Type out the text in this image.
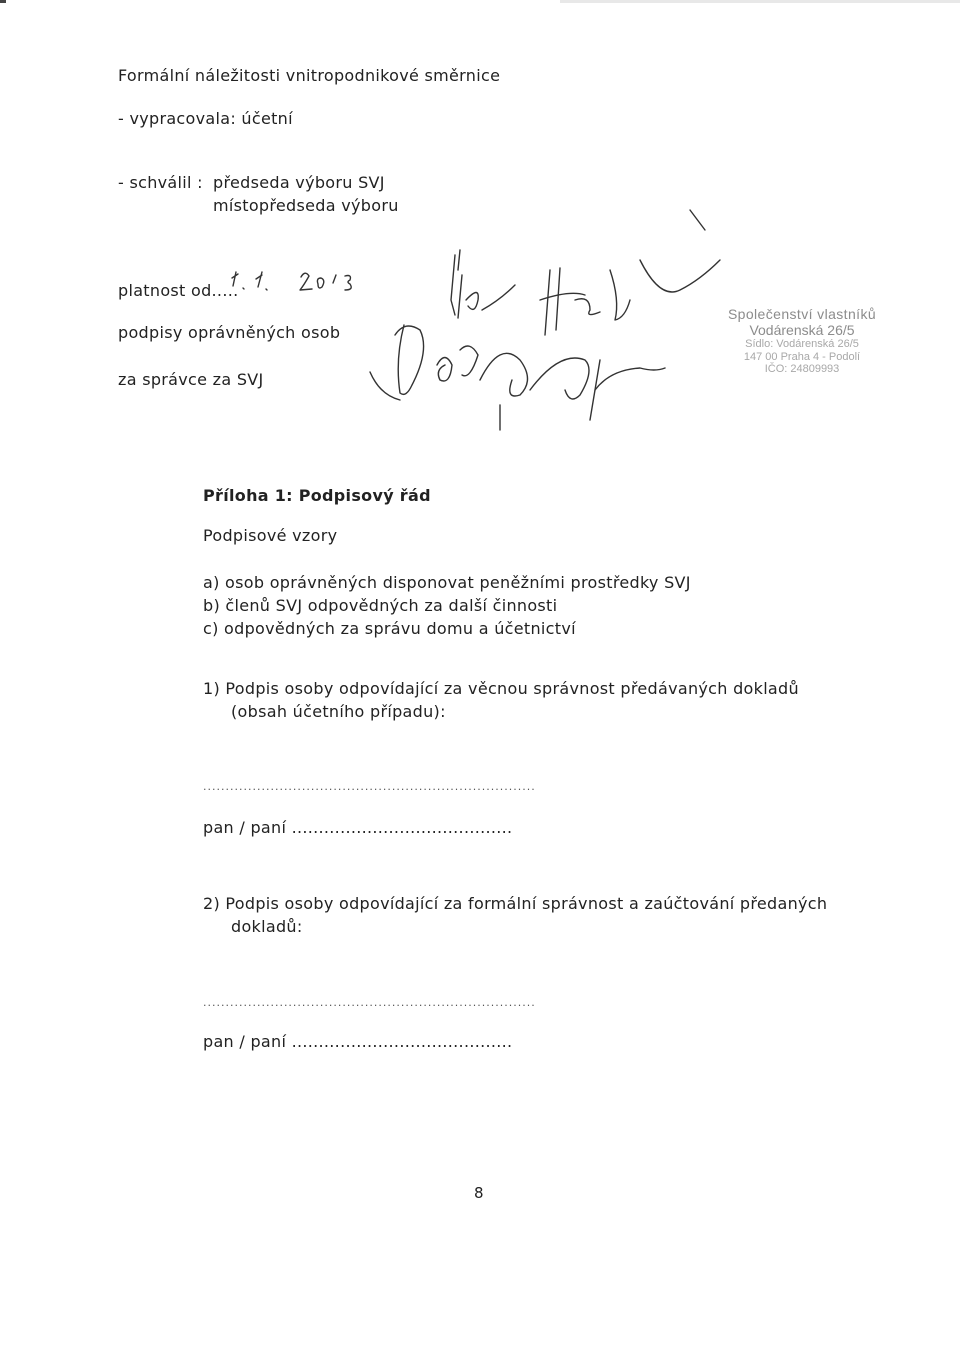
Formální náležitosti vnitropodnikové směrnice
- vypracovala: účetní
- schválil : předseda výboru SVJ
místopředseda výboru
platnost od.....
podpisy oprávněných osob
za správce za SVJ
Společenství vlastníků
Vodárenská 26/5
Sídlo: Vodárenská 26/5
147 00 Praha 4 - Podolí
IČO: 24809993
Příloha 1: Podpisový řád
Podpisové vzory
a) osob oprávněných disponovat peněžními prostředky SVJ
b) členů SVJ odpovědných za další činnosti
c) odpovědných za správu domu a účetnictví
1) Podpis osoby odpovídající za věcnou správnost předávaných dokladů
(obsah účetního případu):
..........................................................................
pan / paní .........................................
2) Podpis osoby odpovídající za formální správnost a zaúčtování předaných
dokladů:
..........................................................................
pan / paní .........................................
8
